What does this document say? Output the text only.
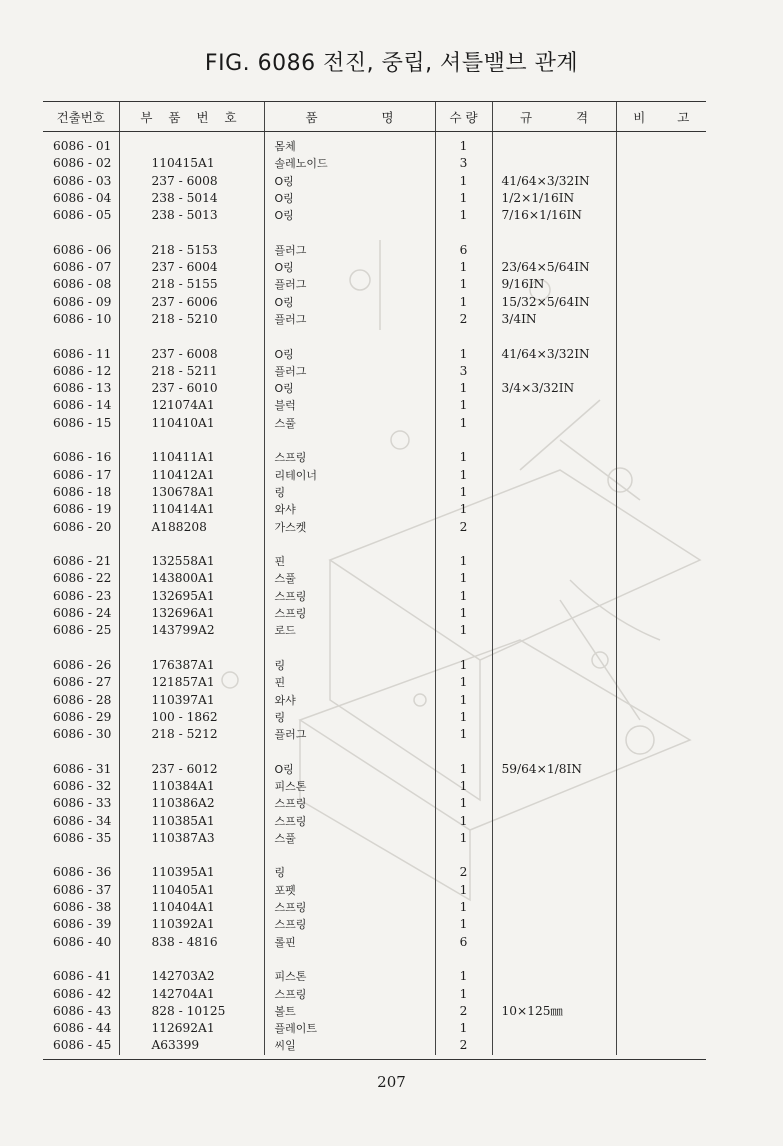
FIG. 6086 전진, 중립, 셔틀밸브 관계
건출번호	부 품 번 호	품 명	수 량	규 격	비 고
6086 - 01		몸체	1		
6086 - 02	110415A1	솔레노이드	3		
6086 - 03	237 - 6008	O링	1	41/64×3/32IN	
6086 - 04	238 - 5014	O링	1	1/2×1/16IN	
6086 - 05	238 - 5013	O링	1	7/16×1/16IN	

6086 - 06	218 - 5153	플러그	6		
6086 - 07	237 - 6004	O링	1	23/64×5/64IN	
6086 - 08	218 - 5155	플러그	1	9/16IN	
6086 - 09	237 - 6006	O링	1	15/32×5/64IN	
6086 - 10	218 - 5210	플러그	2	3/4IN	

6086 - 11	237 - 6008	O링	1	41/64×3/32IN	
6086 - 12	218 - 5211	플러그	3		
6086 - 13	237 - 6010	O링	1	3/4×3/32IN	
6086 - 14	121074A1	블럭	1		
6086 - 15	110410A1	스풀	1		

6086 - 16	110411A1	스프링	1		
6086 - 17	110412A1	리테이너	1		
6086 - 18	130678A1	링	1		
6086 - 19	110414A1	와샤	1		
6086 - 20	A188208	가스켓	2		

6086 - 21	132558A1	핀	1		
6086 - 22	143800A1	스풀	1		
6086 - 23	132695A1	스프링	1		
6086 - 24	132696A1	스프링	1		
6086 - 25	143799A2	로드	1		

6086 - 26	176387A1	링	1		
6086 - 27	121857A1	핀	1		
6086 - 28	110397A1	와샤	1		
6086 - 29	100 - 1862	링	1		
6086 - 30	218 - 5212	플러그	1		

6086 - 31	237 - 6012	O링	1	59/64×1/8IN	
6086 - 32	110384A1	피스톤	1		
6086 - 33	110386A2	스프링	1		
6086 - 34	110385A1	스프링	1		
6086 - 35	110387A3	스풀	1		

6086 - 36	110395A1	링	2		
6086 - 37	110405A1	포펫	1		
6086 - 38	110404A1	스프링	1		
6086 - 39	110392A1	스프링	1		
6086 - 40	838 - 4816	롤핀	6		

6086 - 41	142703A2	피스톤	1		
6086 - 42	142704A1	스프링	1		
6086 - 43	828 - 10125	볼트	2	10×125㎜	
6086 - 44	112692A1	플레이트	1		
6086 - 45	A63399	씨일	2		
207
